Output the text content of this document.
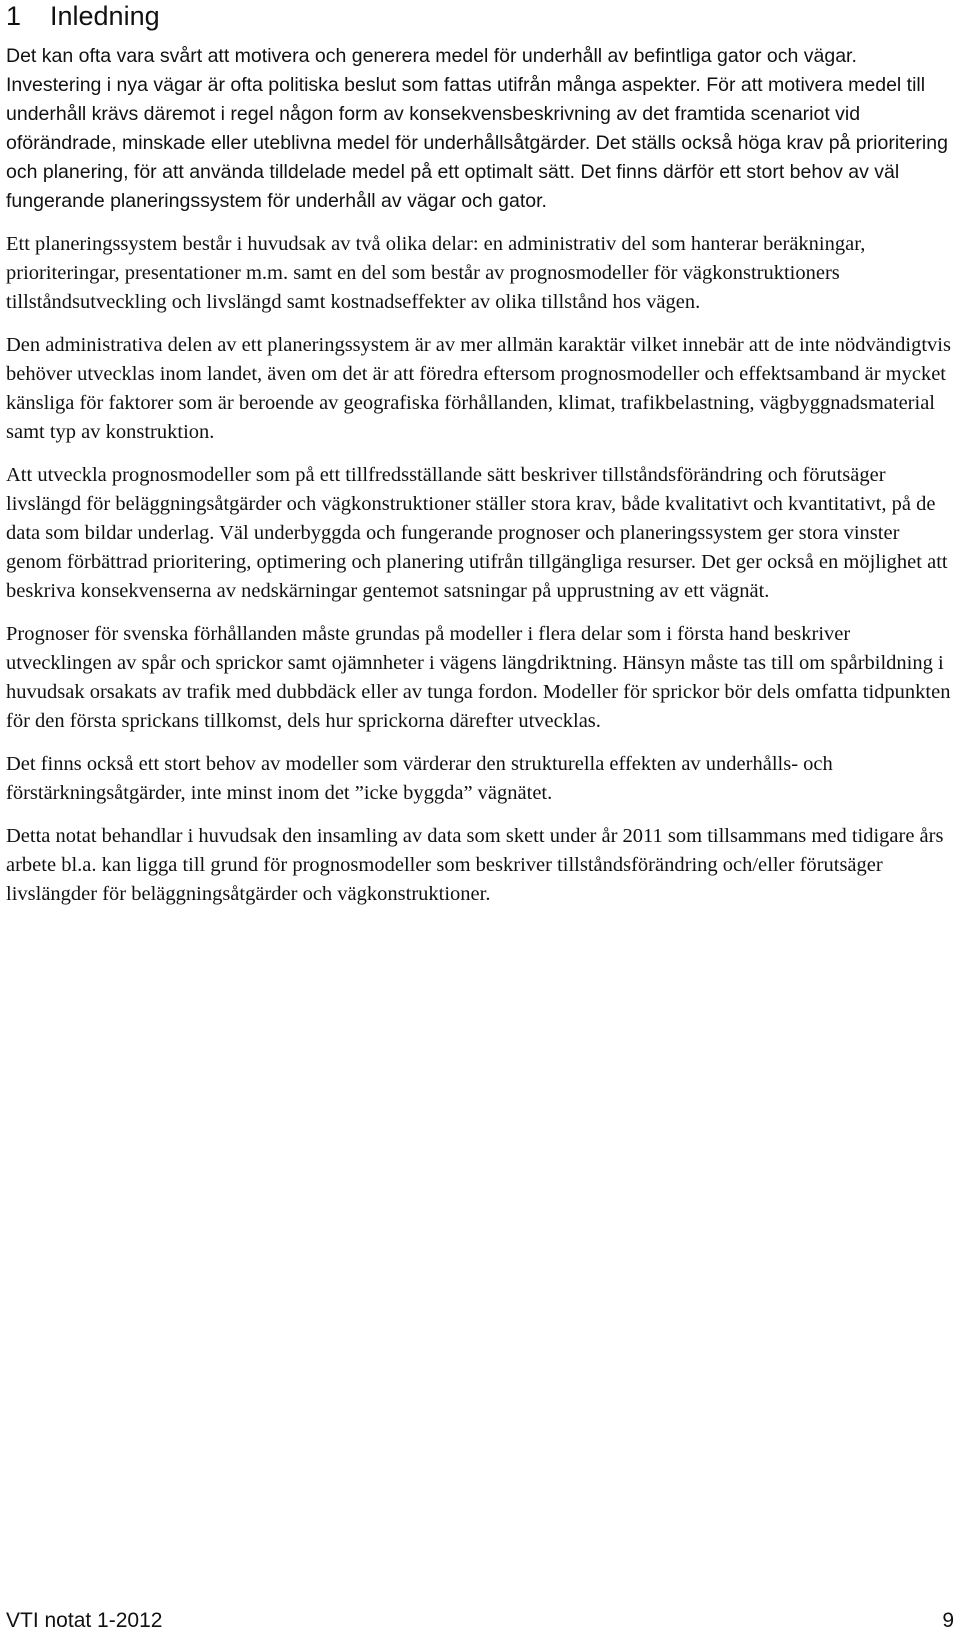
1 Inledning

Det kan ofta vara svårt att motivera och generera medel för underhåll av befintliga gator och vägar. Investering i nya vägar är ofta politiska beslut som fattas utifrån många aspekter. För att motivera medel till underhåll krävs däremot i regel någon form av konsekvensbeskrivning av det framtida scenariot vid oförändrade, minskade eller uteblivna medel för underhållsåtgärder. Det ställs också höga krav på prioritering och planering, för att använda tilldelade medel på ett optimalt sätt. Det finns därför ett stort behov av väl fungerande planeringssystem för underhåll av vägar och gator.

Ett planeringssystem består i huvudsak av två olika delar: en administrativ del som hanterar beräkningar, prioriteringar, presentationer m.m. samt en del som består av prognosmodeller för vägkonstruktioners tillståndsutveckling och livslängd samt kostnadseffekter av olika tillstånd hos vägen.

Den administrativa delen av ett planeringssystem är av mer allmän karaktär vilket innebär att de inte nödvändigtvis behöver utvecklas inom landet, även om det är att föredra eftersom prognosmodeller och effektsamband är mycket känsliga för faktorer som är beroende av geografiska förhållanden, klimat, trafikbelastning, vägbyggnadsmaterial samt typ av konstruktion.

Att utveckla prognosmodeller som på ett tillfredsställande sätt beskriver tillståndsförändring och förutsäger livslängd för beläggningsåtgärder och vägkonstruktioner ställer stora krav, både kvalitativt och kvantitativt, på de data som bildar underlag. Väl underbyggda och fungerande prognoser och planeringssystem ger stora vinster genom förbättrad prioritering, optimering och planering utifrån tillgängliga resurser. Det ger också en möjlighet att beskriva konsekvenserna av nedskärningar gentemot satsningar på upprustning av ett vägnät.

Prognoser för svenska förhållanden måste grundas på modeller i flera delar som i första hand beskriver utvecklingen av spår och sprickor samt ojämnheter i vägens längdriktning. Hänsyn måste tas till om spårbildning i huvudsak orsakats av trafik med dubbdäck eller av tunga fordon. Modeller för sprickor bör dels omfatta tidpunkten för den första sprickans tillkomst, dels hur sprickorna därefter utvecklas.

Det finns också ett stort behov av modeller som värderar den strukturella effekten av underhålls- och förstärkningsåtgärder, inte minst inom det ”icke byggda” vägnätet.

Detta notat behandlar i huvudsak den insamling av data som skett under år 2011 som tillsammans med tidigare års arbete bl.a. kan ligga till grund för prognosmodeller som beskriver tillståndsförändring och/eller förutsäger livslängder för beläggningsåtgärder och vägkonstruktioner.

VTI notat 1-2012	9
